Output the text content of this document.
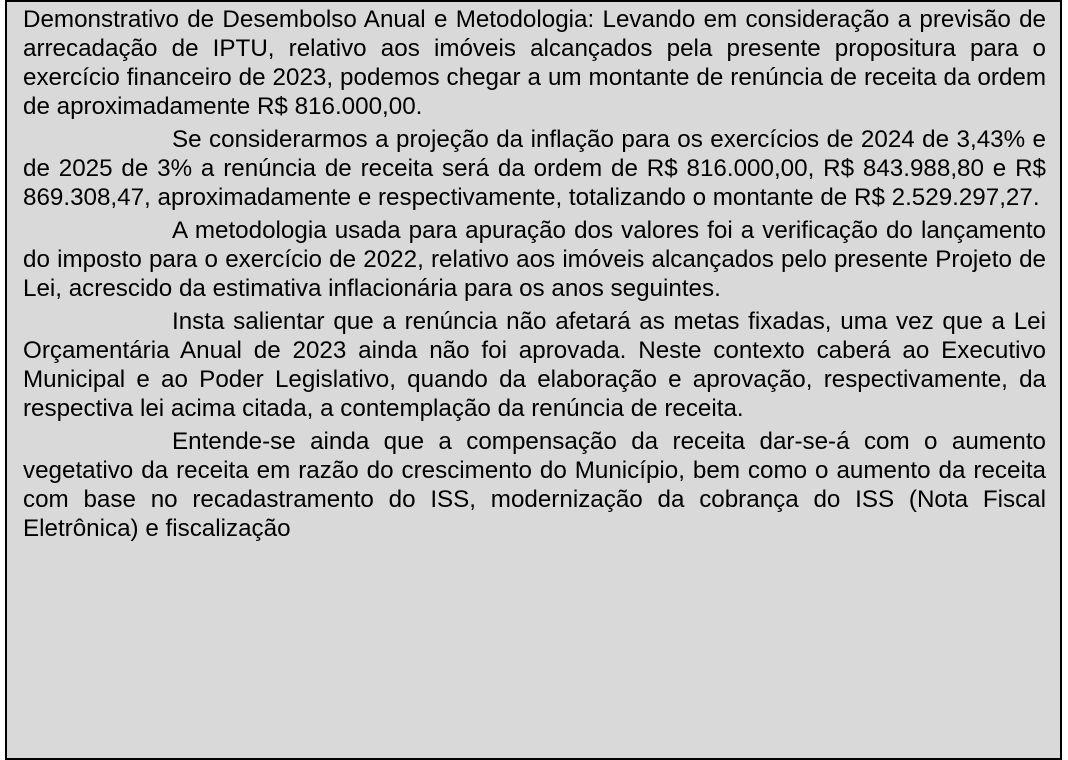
Demonstrativo de Desembolso Anual e Metodologia: Levando em consideração a previsão de arrecadação de IPTU, relativo aos imóveis alcançados pela presente propositura para o exercício financeiro de 2023, podemos chegar a um montante de renúncia de receita da ordem de aproximadamente R$ 816.000,00.

Se considerarmos a projeção da inflação para os exercícios de 2024 de 3,43% e de 2025 de 3% a renúncia de receita será da ordem de R$ 816.000,00, R$ 843.988,80 e R$ 869.308,47, aproximadamente e respectivamente, totalizando o montante de R$ 2.529.297,27.

A metodologia usada para apuração dos valores foi a verificação do lançamento do imposto para o exercício de 2022, relativo aos imóveis alcançados pelo presente Projeto de Lei, acrescido da estimativa inflacionária para os anos seguintes.

Insta salientar que a renúncia não afetará as metas fixadas, uma vez que a Lei Orçamentária Anual de 2023 ainda não foi aprovada. Neste contexto caberá ao Executivo Municipal e ao Poder Legislativo, quando da elaboração e aprovação, respectivamente, da respectiva lei acima citada, a contemplação da renúncia de receita.

Entende-se ainda que a compensação da receita dar-se-á com o aumento vegetativo da receita em razão do crescimento do Município, bem como o aumento da receita com base no recadastramento do ISS, modernização da cobrança do ISS (Nota Fiscal Eletrônica) e fiscalização
